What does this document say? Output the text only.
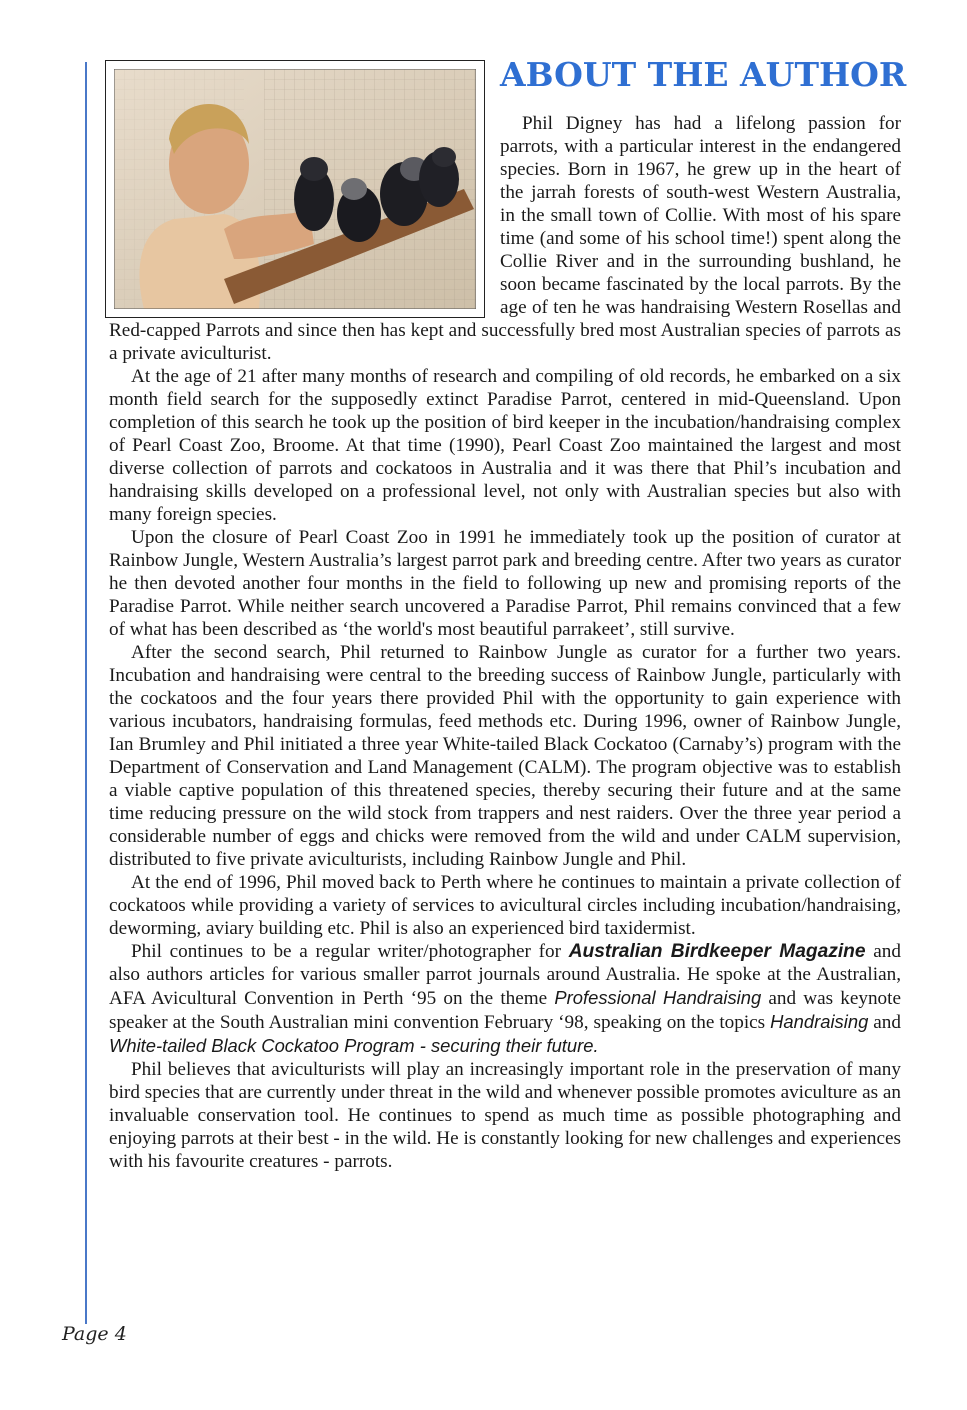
ABOUT THE AUTHOR

Phil Digney has had a lifelong passion for parrots, with a particular interest in the endangered species. Born in 1967, he grew up in the heart of the jarrah forests of south-west Western Australia, in the small town of Collie. With most of his spare time (and some of his school time!) spent along the Collie River and in the surrounding bushland, he soon became fascinated by the local parrots. By the age of ten he was handraising Western Rosellas and Red-capped Parrots and since then has kept and successfully bred most Australian species of parrots as a private aviculturist.

At the age of 21 after many months of research and compiling of old records, he embarked on a six month field search for the supposedly extinct Paradise Parrot, centered in mid-Queensland. Upon completion of this search he took up the position of bird keeper in the incubation/handraising complex of Pearl Coast Zoo, Broome. At that time (1990), Pearl Coast Zoo maintained the largest and most diverse collection of parrots and cockatoos in Australia and it was there that Phil’s incubation and handraising skills developed on a professional level, not only with Australian species but also with many foreign species.

Upon the closure of Pearl Coast Zoo in 1991 he immediately took up the position of curator at Rainbow Jungle, Western Australia’s largest parrot park and breeding centre. After two years as curator he then devoted another four months in the field to following up new and promising reports of the Paradise Parrot. While neither search uncovered a Paradise Parrot, Phil remains convinced that a few of what has been described as ‘the world's most beautiful parrakeet’, still survive.

After the second search, Phil returned to Rainbow Jungle as curator for a further two years. Incubation and handraising were central to the breeding success of Rainbow Jungle, particularly with the cockatoos and the four years there provided Phil with the opportunity to gain experience with various incubators, handraising formulas, feed methods etc. During 1996, owner of Rainbow Jungle, Ian Brumley and Phil initiated a three year White-tailed Black Cockatoo (Carnaby’s) program with the Department of Conservation and Land Management (CALM). The program objective was to establish a viable captive population of this threatened species, thereby securing their future and at the same time reducing pressure on the wild stock from trappers and nest raiders. Over the three year period a considerable number of eggs and chicks were removed from the wild and under CALM supervision, distributed to five private aviculturists, including Rainbow Jungle and Phil.

At the end of 1996, Phil moved back to Perth where he continues to maintain a private collection of cockatoos while providing a variety of services to avicultural circles including incubation/handraising, deworming, aviary building etc. Phil is also an experienced bird taxidermist.

Phil continues to be a regular writer/photographer for Australian Birdkeeper Magazine and also authors articles for various smaller parrot journals around Australia. He spoke at the Australian, AFA Avicultural Convention in Perth ‘95 on the theme Professional Handraising and was keynote speaker at the South Australian mini convention February ‘98, speaking on the topics Handraising and White-tailed Black Cockatoo Program - securing their future.

Phil believes that aviculturists will play an increasingly important role in the preservation of many bird species that are currently under threat in the wild and whenever possible promotes aviculture as an invaluable conservation tool. He continues to spend as much time as possible photographing and enjoying parrots at their best - in the wild. He is constantly looking for new challenges and experiences with his favourite creatures - parrots.

Page 4
